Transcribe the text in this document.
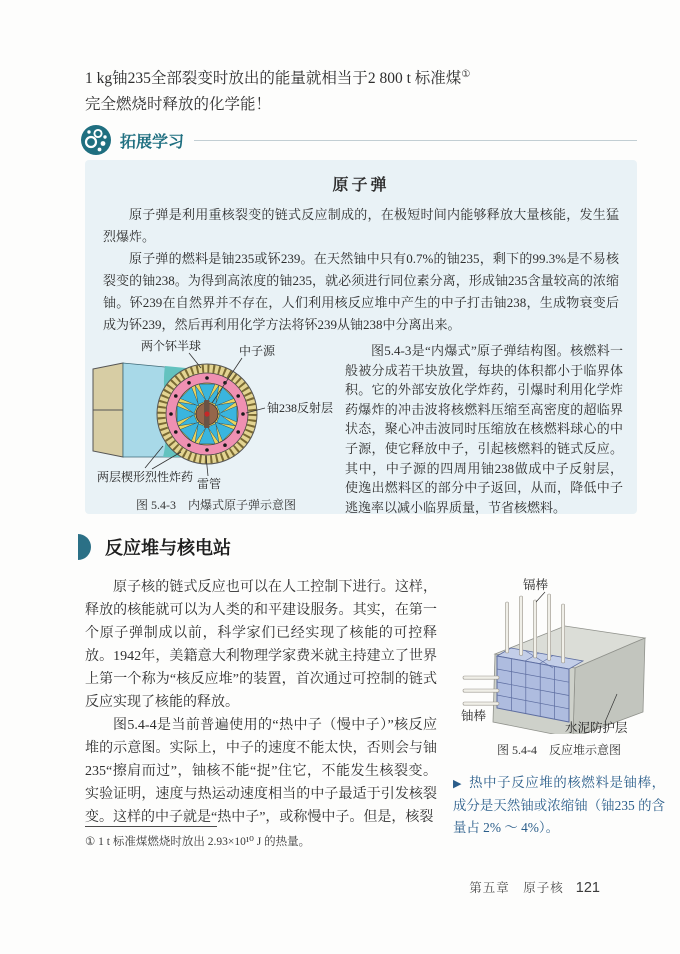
1 kg铀235全部裂变时放出的能量就相当于2 800 t 标准煤①
完全燃烧时释放的化学能！
拓展学习
原子弹

原子弹是利用重核裂变的链式反应制成的，在极短时间内能够释放大量核能，发生猛烈爆炸。

原子弹的燃料是铀235或钚239。在天然铀中只有0.7%的铀235，剩下的99.3%是不易核裂变的铀238。为得到高浓度的铀235，就必须进行同位素分离，形成铀235含量较高的浓缩铀。钚239在自然界并不存在，人们利用核反应堆中产生的中子打击铀238，生成物衰变后成为钚239，然后再利用化学方法将钚239从铀238中分离出来。

两个钚半球	中子源
铀238反射层
两层楔形烈性炸药 雷管
图 5.4-3　内爆式原子弹示意图
图5.4-3是“内爆式”原子弹结构图。核燃料一般被分成若干块放置，每块的体积都小于临界体积。它的外部安放化学炸药，引爆时利用化学炸药爆炸的冲击波将核燃料压缩至高密度的超临界状态，聚心冲击波同时压缩放在核燃料球心的中子源，使它释放中子，引起核燃料的链式反应。其中，中子源的四周用铀238做成中子反射层，使逸出燃料区的部分中子返回，从而，降低中子逃逸率以减小临界质量，节省核燃料。
反应堆与核电站

原子核的链式反应也可以在人工控制下进行。这样，释放的核能就可以为人类的和平建设服务。其实，在第一个原子弹制成以前，科学家们已经实现了核能的可控释放。1942年，美籍意大利物理学家费米就主持建立了世界上第一个称为“核反应堆”的装置，首次通过可控制的链式反应实现了核能的释放。

图5.4-4是当前普遍使用的“热中子（慢中子）”核反应堆的示意图。实际上，中子的速度不能太快，否则会与铀235“擦肩而过”，铀核不能“捉”住它，不能发生核裂变。实验证明，速度与热运动速度相当的中子最适于引发核裂变。这样的中子就是“热中子”，或称慢中子。但是，核裂

镉棒
铀棒
水泥防护层
图 5.4-4　反应堆示意图
▶ 热中子反应堆的核燃料是铀棒，成分是天然铀或浓缩铀（铀235 的含量占 2% ～ 4%）。
① 1 t 标准煤燃烧时放出 2.93×10¹⁰ J 的热量。
第五章　原子核 121
